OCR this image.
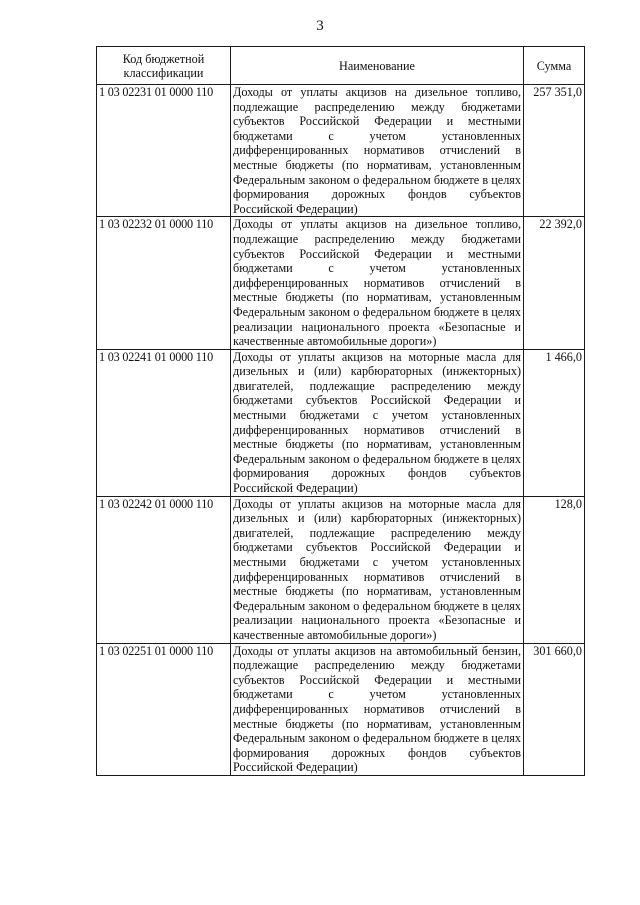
3
Код бюджетной классификации	Наименование	Сумма
1 03 02231 01 0000 110	Доходы от уплаты акцизов на дизельное топливо, подлежащие распределению между бюджетами субъектов Российской Федерации и местными бюджетами с учетом установленных дифференцированных нормативов отчислений в местные бюджеты (по нормативам, установленным Федеральным законом о федеральном бюджете в целях формирования дорожных фондов субъектов Российской Федерации)	257 351,0
1 03 02232 01 0000 110	Доходы от уплаты акцизов на дизельное топливо, подлежащие распределению между бюджетами субъектов Российской Федерации и местными бюджетами с учетом установленных дифференцированных нормативов отчислений в местные бюджеты (по нормативам, установленным Федеральным законом о федеральном бюджете в целях реализации национального проекта «Безопасные и качественные автомобильные дороги»)	22 392,0
1 03 02241 01 0000 110	Доходы от уплаты акцизов на моторные масла для дизельных и (или) карбюраторных (инжекторных) двигателей, подлежащие распределению между бюджетами субъектов Российской Федерации и местными бюджетами с учетом установленных дифференцированных нормативов отчислений в местные бюджеты (по нормативам, установленным Федеральным законом о федеральном бюджете в целях формирования дорожных фондов субъектов Российской Федерации)	1 466,0
1 03 02242 01 0000 110	Доходы от уплаты акцизов на моторные масла для дизельных и (или) карбюраторных (инжекторных) двигателей, подлежащие распределению между бюджетами субъектов Российской Федерации и местными бюджетами с учетом установленных дифференцированных нормативов отчислений в местные бюджеты (по нормативам, установленным Федеральным законом о федеральном бюджете в целях реализации национального проекта «Безопасные и качественные автомобильные дороги»)	128,0
1 03 02251 01 0000 110	Доходы от уплаты акцизов на автомобильный бензин, подлежащие распределению между бюджетами субъектов Российской Федерации и местными бюджетами с учетом установленных дифференцированных нормативов отчислений в местные бюджеты (по нормативам, установленным Федеральным законом о федеральном бюджете в целях формирования дорожных фондов субъектов Российской Федерации)	301 660,0
